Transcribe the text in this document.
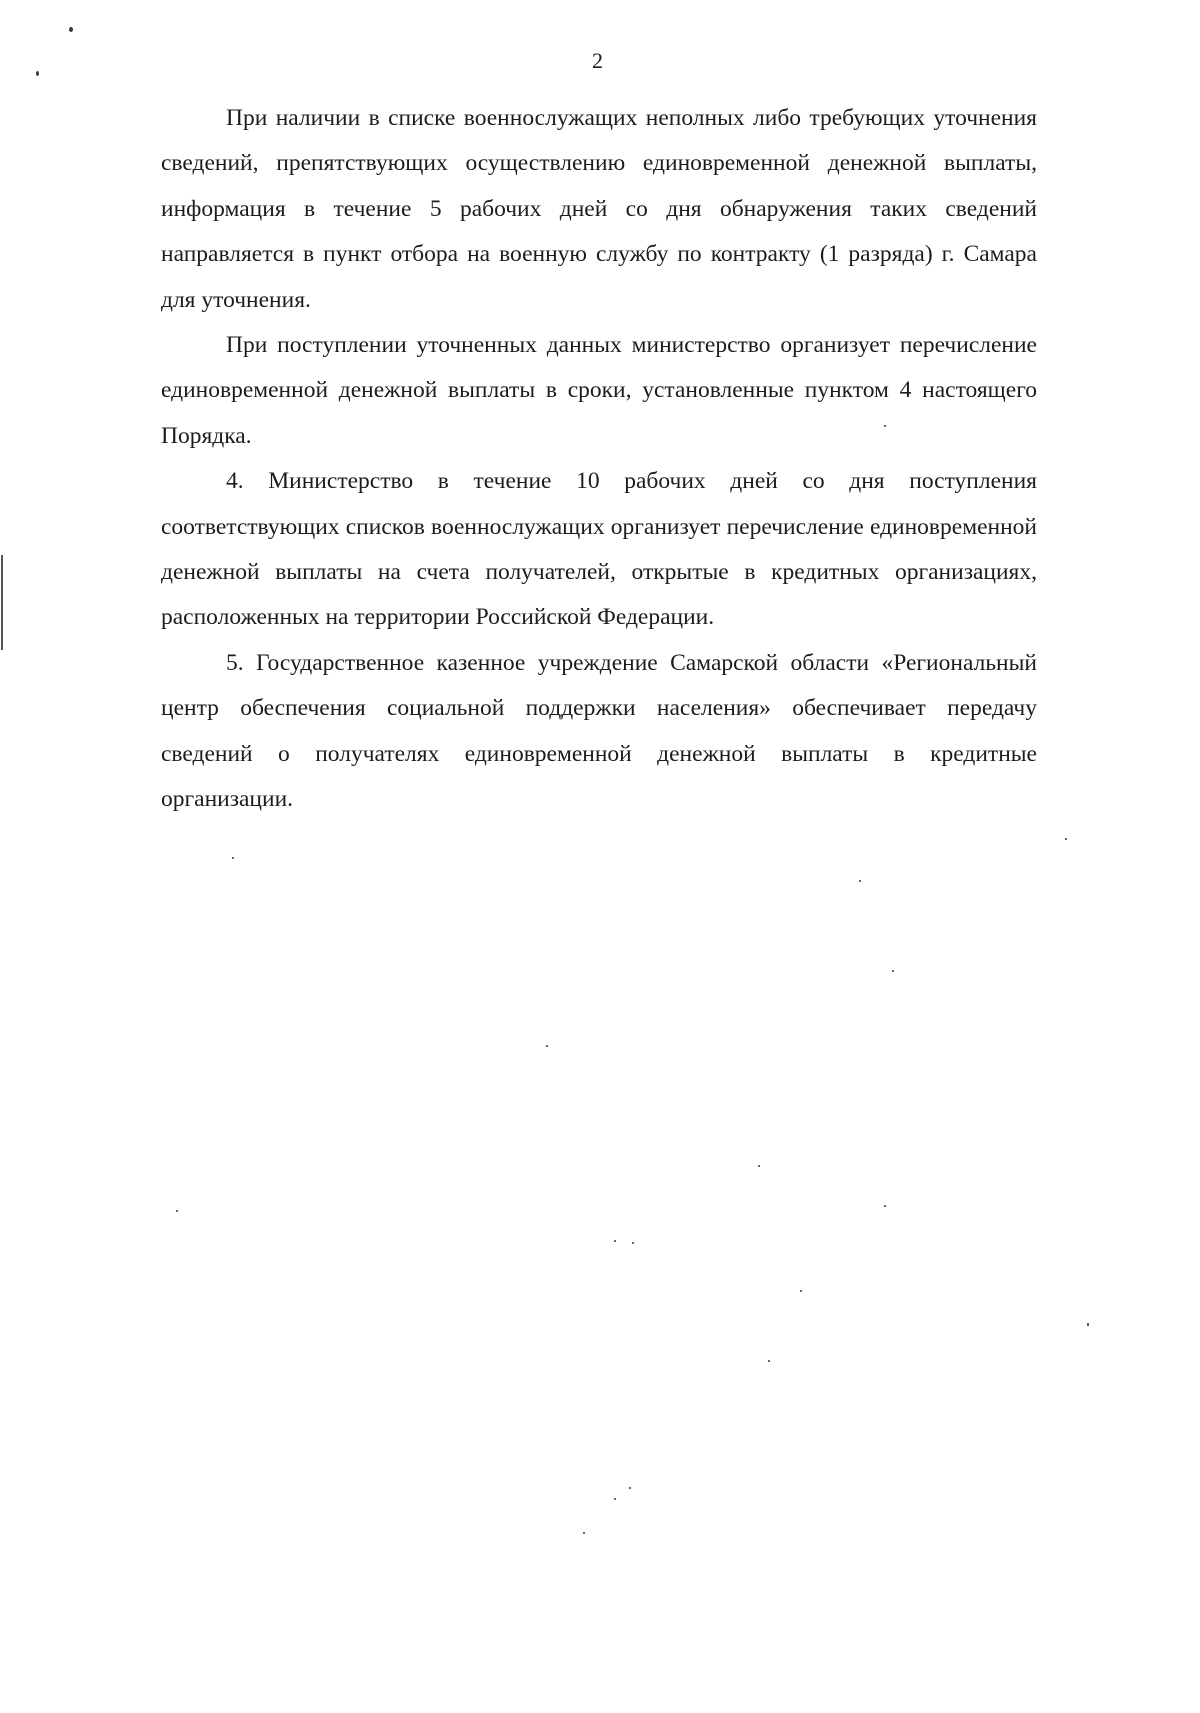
2

При наличии в списке военнослужащих неполных либо требующих уточнения сведений, препятствующих осуществлению единовременной денежной выплаты, информация в течение 5 рабочих дней со дня обнаружения таких сведений направляется в пункт отбора на военную службу по контракту (1 разряда) г. Самара для уточнения.

При поступлении уточненных данных министерство организует перечисление единовременной денежной выплаты в сроки, установленные пунктом 4 настоящего Порядка.

4. Министерство в течение 10 рабочих дней со дня поступления соответствующих списков военнослужащих организует перечисление единовременной денежной выплаты на счета получателей, открытые в кредитных организациях, расположенных на территории Российской Федерации.

5. Государственное казенное учреждение Самарской области «Региональный центр обеспечения социальной поддержки населения» обеспечивает передачу сведений о получателях единовременной денежной выплаты в кредитные организации.
